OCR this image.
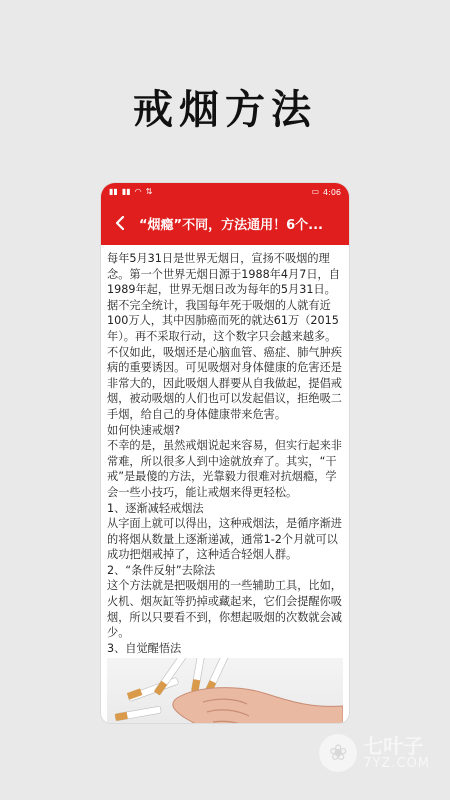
戒烟方法
▮▮ ▮▮ ◠ ⇅	▭ 4:06
“烟瘾”不同，方法通用！6个...

每年5月31日是世界无烟日，宣扬不吸烟的理念。第一个世界无烟日源于1988年4月7日，自1989年起，世界无烟日改为每年的5月31日。

据不完全统计，我国每年死于吸烟的人就有近100万人，其中因肺癌而死的就达61万（2015年）。再不采取行动，这个数字只会越来越多。

不仅如此，吸烟还是心脑血管、癌症、肺气肿疾病的重要诱因。可见吸烟对身体健康的危害还是非常大的，因此吸烟人群要从自我做起，提倡戒烟，被动吸烟的人们也可以发起倡议，拒绝吸二手烟，给自己的身体健康带来危害。

如何快速戒烟?

不幸的是，虽然戒烟说起来容易，但实行起来非常难，所以很多人到中途就放弃了。其实，“干戒”是最傻的方法，光靠毅力很难对抗烟瘾，学会一些小技巧，能让戒烟来得更轻松。

1、逐渐减轻戒烟法

从字面上就可以得出，这种戒烟法，是循序渐进的将烟从数量上逐渐递减，通常1-2个月就可以成功把烟戒掉了，这种适合轻烟人群。

2、“条件反射”去除法

这个方法就是把吸烟用的一些辅助工具，比如，火机、烟灰缸等扔掉或藏起来，它们会提醒你吸烟，所以只要看不到，你想起吸烟的次数就会减少。

3、自觉醒悟法

❀ 七叶子
7YZ.COM
